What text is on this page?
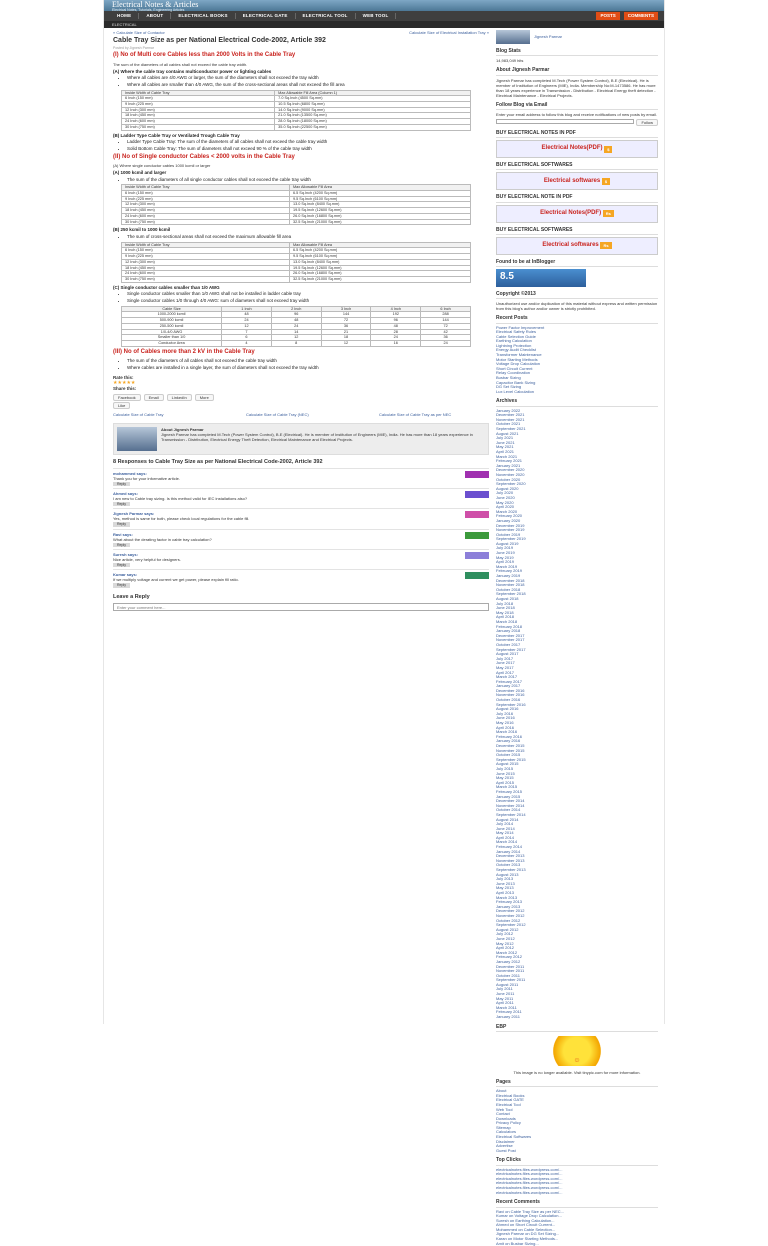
Electrical Notes & Articles
Electrical Notes, Tutorials, Engineering Articles
HOME	ABOUT	ELECTRICAL BOOKS	ELECTRICAL GATE	ELECTRICAL TOOL	WEB TOOL	POSTS	COMMENTS
ELECTRICAL
« Calculate Size of Contactor	Calculate Size of Electrical Installation Tray »
Cable Tray Size as per National Electrical Code-2002, Article 392
Posted by Jignesh Parmar
(I) No of Multi core Cables less than 2000 Volts in the Cable Tray
The sum of the diameters of all cables shall not exceed the cable tray width.
(A) Where the cable tray contains multiconductor power or lighting cables
• Where all cables are 4/0 AWG or larger, the sum of the diameters shall not exceed the tray width
• Where all cables are smaller than 4/0 AWG, the sum of the cross-sectional areas shall not exceed the fill area
Inside Width of Cable Tray	Max Allowable Fill Area (Column 1)
6 Inch (150 mm)	7.0 Sq.Inch (4500 Sq.mm)
9 Inch (225 mm)	10.5 Sq.Inch (6800 Sq.mm)
12 Inch (300 mm)	14.0 Sq.Inch (9000 Sq.mm)
18 Inch (450 mm)	21.0 Sq.Inch (13500 Sq.mm)
24 Inch (600 mm)	28.0 Sq.Inch (18000 Sq.mm)
30 Inch (750 mm)	35.0 Sq.Inch (22500 Sq.mm)
(B) Ladder Type Cable Tray or Ventilated Trough Cable Tray
• Ladder Type Cable Tray: The sum of the diameters of all cables shall not exceed the cable tray width
• Solid Bottom Cable Tray: The sum of diameters shall not exceed 90 % of the cable tray width
(II) No of Single conductor Cables < 2000 volts in the Cable Tray
(A) Where single conductor cables 1000 kcmil or larger
(A) 1000 kcmil and larger
• The sum of the diameters of all single conductor cables shall not exceed the cable tray width
Inside Width of Cable Tray	Max Allowable Fill Area
6 Inch (150 mm)	6.5 Sq.Inch (4200 Sq.mm)
9 Inch (225 mm)	9.5 Sq.Inch (6100 Sq.mm)
12 Inch (300 mm)	13.0 Sq.Inch (8400 Sq.mm)
18 Inch (450 mm)	19.5 Sq.Inch (12600 Sq.mm)
24 Inch (600 mm)	26.0 Sq.Inch (16800 Sq.mm)
30 Inch (750 mm)	32.5 Sq.Inch (21000 Sq.mm)
(B) 250 kcmil to 1000 kcmil
• The sum of cross-sectional areas shall not exceed the maximum allowable fill area
Inside Width of Cable Tray	Max Allowable Fill Area
6 Inch (150 mm)	6.5 Sq.Inch (4200 Sq.mm)
9 Inch (225 mm)	9.5 Sq.Inch (6100 Sq.mm)
12 Inch (300 mm)	13.0 Sq.Inch (8400 Sq.mm)
18 Inch (450 mm)	19.5 Sq.Inch (12600 Sq.mm)
24 Inch (600 mm)	26.0 Sq.Inch (16800 Sq.mm)
30 Inch (750 mm)	32.5 Sq.Inch (21000 Sq.mm)
(C) Single conductor cables smaller than 1/0 AWG
• Single conductor cables smaller than 1/0 AWG shall not be installed in ladder cable tray
• Single conductor cables 1/0 through 4/0 AWG: sum of diameters shall not exceed tray width
Cable Size	1 Inch	2 Inch	3 Inch	4 Inch	6 Inch
1000-2000 kcmil	48	96	144	192	288
500-900 kcmil	24	48	72	96	144
250-500 kcmil	12	24	36	48	72
1/0-4/0 AWG	7	14	21	28	42
Smaller than 1/0	6	12	18	24	36
Conductor Area	4	8	12	16	24
(III) No of Cables more than 2 kV in the Cable Tray
• The sum of the diameters of all cables shall not exceed the cable tray width
• Where cables are installed in a single layer, the sum of diameters shall not exceed the tray width
Rate this:
★★★★★
Share this:
Facebook	Email	LinkedIn	More
Like
Calculate Size of Cable Tray	Calculate Size of Cable Tray (NEC)	Calculate Size of Cable Tray as per NEC
About Jignesh Parmar
Jignesh Parmar has completed M.Tech (Power System Control), B.E (Electrical). He is member of Institution of Engineers (MIE), India. He has more than 18 years experience in Transmission - Distribution, Electrical Energy Theft Detection, Electrical Maintenance and Electrical Projects.
8 Responses to Cable Tray Size as per National Electrical Code-2002, Article 392
mohammed says:
Thank you for your informative article.
Reply
Ahmed says:
I am new to Cable tray sizing. Is this method valid for IEC installations also?
Reply
Jignesh Parmar says:
Yes, method is same for both, please check local regulations for the cable fill.
Reply
Ravi says:
What about the derating factor in cable tray calculation?
Reply
Suresh says:
Nice article, very helpful for designers.
Reply
Kumar says:
If we multiply voltage and current we get power, please explain fill ratio.
Reply
Leave a Reply
Enter your comment here...
Jignesh Parmar
Blog Stats
14,983,049 hits
About Jignesh Parmar
Jignesh Parmar has completed M.Tech (Power System Control), B.E (Electrical). He is member of Institution of Engineers (MIE), India. Membership No:M-1473586. He has more than 18 years experience in Transmission - Distribution - Electrical Energy theft detection - Electrical Maintenance - Electrical Projects.
Follow Blog via Email
Enter your email address to follow this blog and receive notifications of new posts by email.
Follow
BUY ELECTRICAL NOTES IN PDF
Electrical Notes(PDF)
	$
BUY ELECTRICAL SOFTWARES
Electrical softwares
	$
BUY ELECTRICAL NOTE IN PDF
Electrical Notes(PDF)
	Rs
BUY ELECTRICAL SOFTWARES
Electrical softwares
	Rs
Found to be at InBlogger
8.5
Copyright ©2013
Unauthorized use and/or duplication of this material without express and written permission from this blog's author and/or owner is strictly prohibited.
Recent Posts
Power Factor Improvement
Electrical Safety Rules
Cable Selection Guide
Earthing Calculation
Lightning Protection
Energy Audit Checklist
Transformer Maintenance
Motor Starting Methods
Voltage Drop Calculation
Short Circuit Current
Relay Coordination
Busbar Sizing
Capacitor Bank Sizing
DG Set Sizing
Lux Level Calculation
Archives
January 2022
December 2021
November 2021
October 2021
September 2021
August 2021
July 2021
June 2021
May 2021
April 2021
March 2021
February 2021
January 2021
December 2020
November 2020
October 2020
September 2020
August 2020
July 2020
June 2020
May 2020
April 2020
March 2020
February 2020
January 2020
December 2019
November 2019
October 2019
September 2019
August 2019
July 2019
June 2019
May 2019
April 2019
March 2019
February 2019
January 2019
December 2018
November 2018
October 2018
September 2018
August 2018
July 2018
June 2018
May 2018
April 2018
March 2018
February 2018
January 2018
December 2017
November 2017
October 2017
September 2017
August 2017
July 2017
June 2017
May 2017
April 2017
March 2017
February 2017
January 2017
December 2016
November 2016
October 2016
September 2016
August 2016
July 2016
June 2016
May 2016
April 2016
March 2016
February 2016
January 2016
December 2015
November 2015
October 2015
September 2015
August 2015
July 2015
June 2015
May 2015
April 2015
March 2015
February 2015
January 2015
December 2014
November 2014
October 2014
September 2014
August 2014
July 2014
June 2014
May 2014
April 2014
March 2014
February 2014
January 2014
December 2013
November 2013
October 2013
September 2013
August 2013
July 2013
June 2013
May 2013
April 2013
March 2013
February 2013
January 2013
December 2012
November 2012
October 2012
September 2012
August 2012
July 2012
June 2012
May 2012
April 2012
March 2012
February 2012
January 2012
December 2011
November 2011
October 2011
September 2011
August 2011
July 2011
June 2011
May 2011
April 2011
March 2011
February 2011
January 2011
EBP
☺
This image is no longer available. Visit tinypic.com for more information.
Pages
About
Electrical Books
Electrical GATE
Electrical Tool
Web Tool
Contact
Downloads
Privacy Policy
Sitemap
Calculators
Electrical Softwares
Disclaimer
Advertise
Guest Post
Top Clicks
electricalnotes.files.wordpress.com/...
electricalnotes.files.wordpress.com/...
electricalnotes.files.wordpress.com/...
electricalnotes.files.wordpress.com/...
electricalnotes.files.wordpress.com/...
electricalnotes.files.wordpress.com/...
Recent Comments
Ravi on Cable Tray Size as per NEC...
Kumar on Voltage Drop Calculation...
Suresh on Earthing Calculation...
Ahmed on Short Circuit Current...
Mohammed on Cable Selection...
Jignesh Parmar on DG Set Sizing...
Karan on Motor Starting Methods...
Amit on Busbar Sizing...
